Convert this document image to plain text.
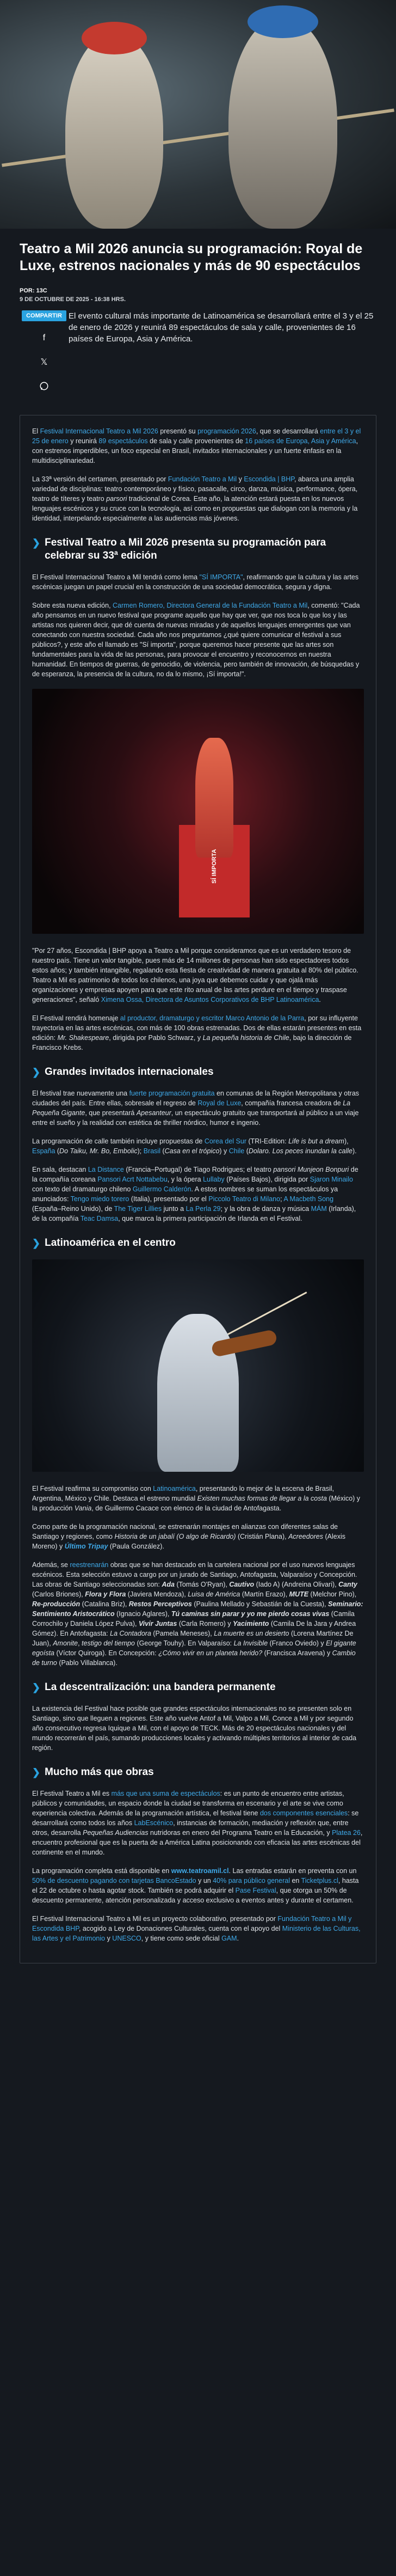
Teatro a Mil 2026 anuncia su programación: Royal de Luxe, estrenos nacionales y más de 90 espectáculos
POR: 13C
9 DE OCTUBRE DE 2025 - 16:38 HRS.
COMPARTIR
f
𝕏
El evento cultural más importante de Latinoamérica se desarrollará entre el 3 y el 25 de enero de 2026 y reunirá 89 espectáculos de sala y calle, provenientes de 16 países de Europa, Asia y América.

El Festival Internacional Teatro a Mil 2026 presentó su programación 2026, que se desarrollará entre el 3 y el 25 de enero y reunirá 89 espectáculos de sala y calle provenientes de 16 países de Europa, Asia y América, con estrenos imperdibles, un foco especial en Brasil, invitados internacionales y un fuerte énfasis en la multidisciplinariedad.

La 33ª versión del certamen, presentado por Fundación Teatro a Mil y Escondida | BHP, abarca una amplia variedad de disciplinas: teatro contemporáneo y físico, pasacalle, circo, danza, música, performance, ópera, teatro de títeres y teatro parsori tradicional de Corea. Este año, la atención estará puesta en los nuevos lenguajes escénicos y su cruce con la tecnología, así como en propuestas que dialogan con la memoria y la identidad, interpelando especialmente a las audiencias más jóvenes.

❯ Festival Teatro a Mil 2026 presenta su programación para celebrar su 33ª edición

El Festival Internacional Teatro a Mil tendrá como lema "SÍ IMPORTA", reafirmando que la cultura y las artes escénicas juegan un papel crucial en la construcción de una sociedad democrática, segura y digna.

Sobre esta nueva edición, Carmen Romero, Directora General de la Fundación Teatro a Mil, comentó: "Cada año pensamos en un nuevo festival que programe aquello que hay que ver, que nos toca lo que los y las artistas nos quieren decir, que dé cuenta de nuevas miradas y de aquellos lenguajes emergentes que van conectando con nuestra sociedad. Cada año nos preguntamos ¿qué quiere comunicar el festival a sus públicos?, y este año el llamado es "Sí importa", porque queremos hacer presente que las artes son fundamentales para la vida de las personas, para provocar el encuentro y reconocernos en nuestra humanidad. En tiempos de guerras, de genocidio, de violencia, pero también de innovación, de búsquedas y de esperanza, la presencia de la cultura, no da lo mismo, ¡Sí importa!".

SÍ IMPORTA

"Por 27 años, Escondida | BHP apoya a Teatro a Mil porque consideramos que es un verdadero tesoro de nuestro país. Tiene un valor tangible, pues más de 14 millones de personas han sido espectadores todos estos años; y también intangible, regalando esta fiesta de creatividad de manera gratuita al 80% del público. Teatro a Mil es patrimonio de todos los chilenos, una joya que debemos cuidar y que ojalá más organizaciones y empresas apoyen para que este rito anual de las artes perdure en el tiempo y traspase generaciones", señaló Ximena Ossa, Directora de Asuntos Corporativos de BHP Latinoamérica.

El Festival rendirá homenaje al productor, dramaturgo y escritor Marco Antonio de la Parra, por su influyente trayectoria en las artes escénicas, con más de 100 obras estrenadas. Dos de ellas estarán presentes en esta edición: Mr. Shakespeare, dirigida por Pablo Schwarz, y La pequeña historia de Chile, bajo la dirección de Francisco Krebs.

❯ Grandes invitados internacionales

El festival trae nuevamente una fuerte programación gratuita en comunas de la Región Metropolitana y otras ciudades del país. Entre ellas, sobresale el regreso de Royal de Luxe, compañía francesa creadora de La Pequeña Gigante, que presentará Apesanteur, un espectáculo gratuito que transportará al público a un viaje entre el sueño y la realidad con estética de thriller nórdico, humor e ingenio.

La programación de calle también incluye propuestas de Corea del Sur (TRI-Edition: Life is but a dream), España (Do Taiku, Mr. Bo, Embolic); Brasil (Casa en el trópico) y Chile (Dolaro. Los peces inundan la calle).

En sala, destacan La Distance (Francia–Portugal) de Tiago Rodrigues; el teatro pansori Munjeon Bonpuri de la compañía coreana Pansori Acrt Nottabebu, y la ópera Lullaby (Países Bajos), dirigida por Sjaron Minailo con texto del dramaturgo chileno Guillermo Calderón. A estos nombres se suman los espectáculos ya anunciados: Tengo miedo torero (Italia), presentado por el Piccolo Teatro di Milano; A Macbeth Song (España–Reino Unido), de The Tiger Lillies junto a La Perla 29; y la obra de danza y música MÁM (Irlanda), de la compañía Teac Damsa, que marca la primera participación de Irlanda en el Festival.

❯ Latinoamérica en el centro

El Festival reafirma su compromiso con Latinoamérica, presentando lo mejor de la escena de Brasil, Argentina, México y Chile. Destaca el estreno mundial Existen muchas formas de llegar a la costa (México) y la producción Vania, de Guillermo Cacace con elenco de la ciudad de Antofagasta.

Como parte de la programación nacional, se estrenarán montajes en alianzas con diferentes salas de Santiago y regiones, como Historia de un jabalí (O algo de Ricardo) (Cristián Plana), Acreedores (Alexis Moreno) y Último Tripay (Paula González).

Además, se reestrenarán obras que se han destacado en la cartelera nacional por el uso nuevos lenguajes escénicos. Esta selección estuvo a cargo por un jurado de Santiago, Antofagasta, Valparaíso y Concepción. Las obras de Santiago seleccionadas son: Ada (Tomás O'Ryan), Cautivo (Iado A) (Andreina Olivari), Canty (Carlos Briones), Flora y Flora (Javiera Mendoza), Luisa de América (Martín Erazo), MUTE (Melchor Pino), Re-producción (Catalina Briz), Restos Perceptivos (Paulina Mellado y Sebastián de la Cuesta), Seminario: Sentimiento Aristocrático (Ignacio Aglares), Tú caminas sin parar y yo me pierdo cosas vivas (Camila Corrochilo y Daniela López Pulva), Vivir Juntas (Carla Romero) y Yacimiento (Camila De la Jara y Andrea Gómez). En Antofagasta: La Contadora (Pamela Meneses), La muerte es un desierto (Lorena Martínez De Juan), Amonite, testigo del tiempo (George Touhy). En Valparaíso: La Invisible (Franco Oviedo) y El gigante egoísta (Víctor Quiroga). En Concepción: ¿Cómo vivir en un planeta herido? (Francisca Aravena) y Cambio de turno (Pablo Villablanca).

❯ La descentralización: una bandera permanente

La existencia del Festival hace posible que grandes espectáculos internacionales no se presenten solo en Santiago, sino que lleguen a regiones. Este año vuelve Antof a Mil, Valpo a Mil, Conce a Mil y por segundo año consecutivo regresa Iquique a Mil, con el apoyo de TECK. Más de 20 espectáculos nacionales y del mundo recorrerán el país, sumando producciones locales y activando múltiples territorios al interior de cada región.

❯ Mucho más que obras

El Festival Teatro a Mil es más que una suma de espectáculos: es un punto de encuentro entre artistas, públicos y comunidades, un espacio donde la ciudad se transforma en escenario y el arte se vive como experiencia colectiva. Además de la programación artística, el festival tiene dos componentes esenciales: se desarrollará como todos los años LabEscénico, instancias de formación, mediación y reflexión que, entre otros, desarrolla Pequeñas Audiencias nutridoras en enero del Programa Teatro en la Educación, y Platea 26, encuentro profesional que es la puerta de a América Latina posicionando con eficacia las artes escénicas del continente en el mundo.

La programación completa está disponible en www.teatroamil.cl. Las entradas estarán en preventa con un 50% de descuento pagando con tarjetas BancoEstado y un 40% para público general en Ticketplus.cl, hasta el 22 de octubre o hasta agotar stock. También se podrá adquirir el Pase Festival, que otorga un 50% de descuento permanente, atención personalizada y acceso exclusivo a eventos antes y durante el certamen.

El Festival Internacional Teatro a Mil es un proyecto colaborativo, presentado por Fundación Teatro a Mil y Escondida BHP, acogido a Ley de Donaciones Culturales, cuenta con el apoyo del Ministerio de las Culturas, las Artes y el Patrimonio y UNESCO, y tiene como sede oficial GAM.
